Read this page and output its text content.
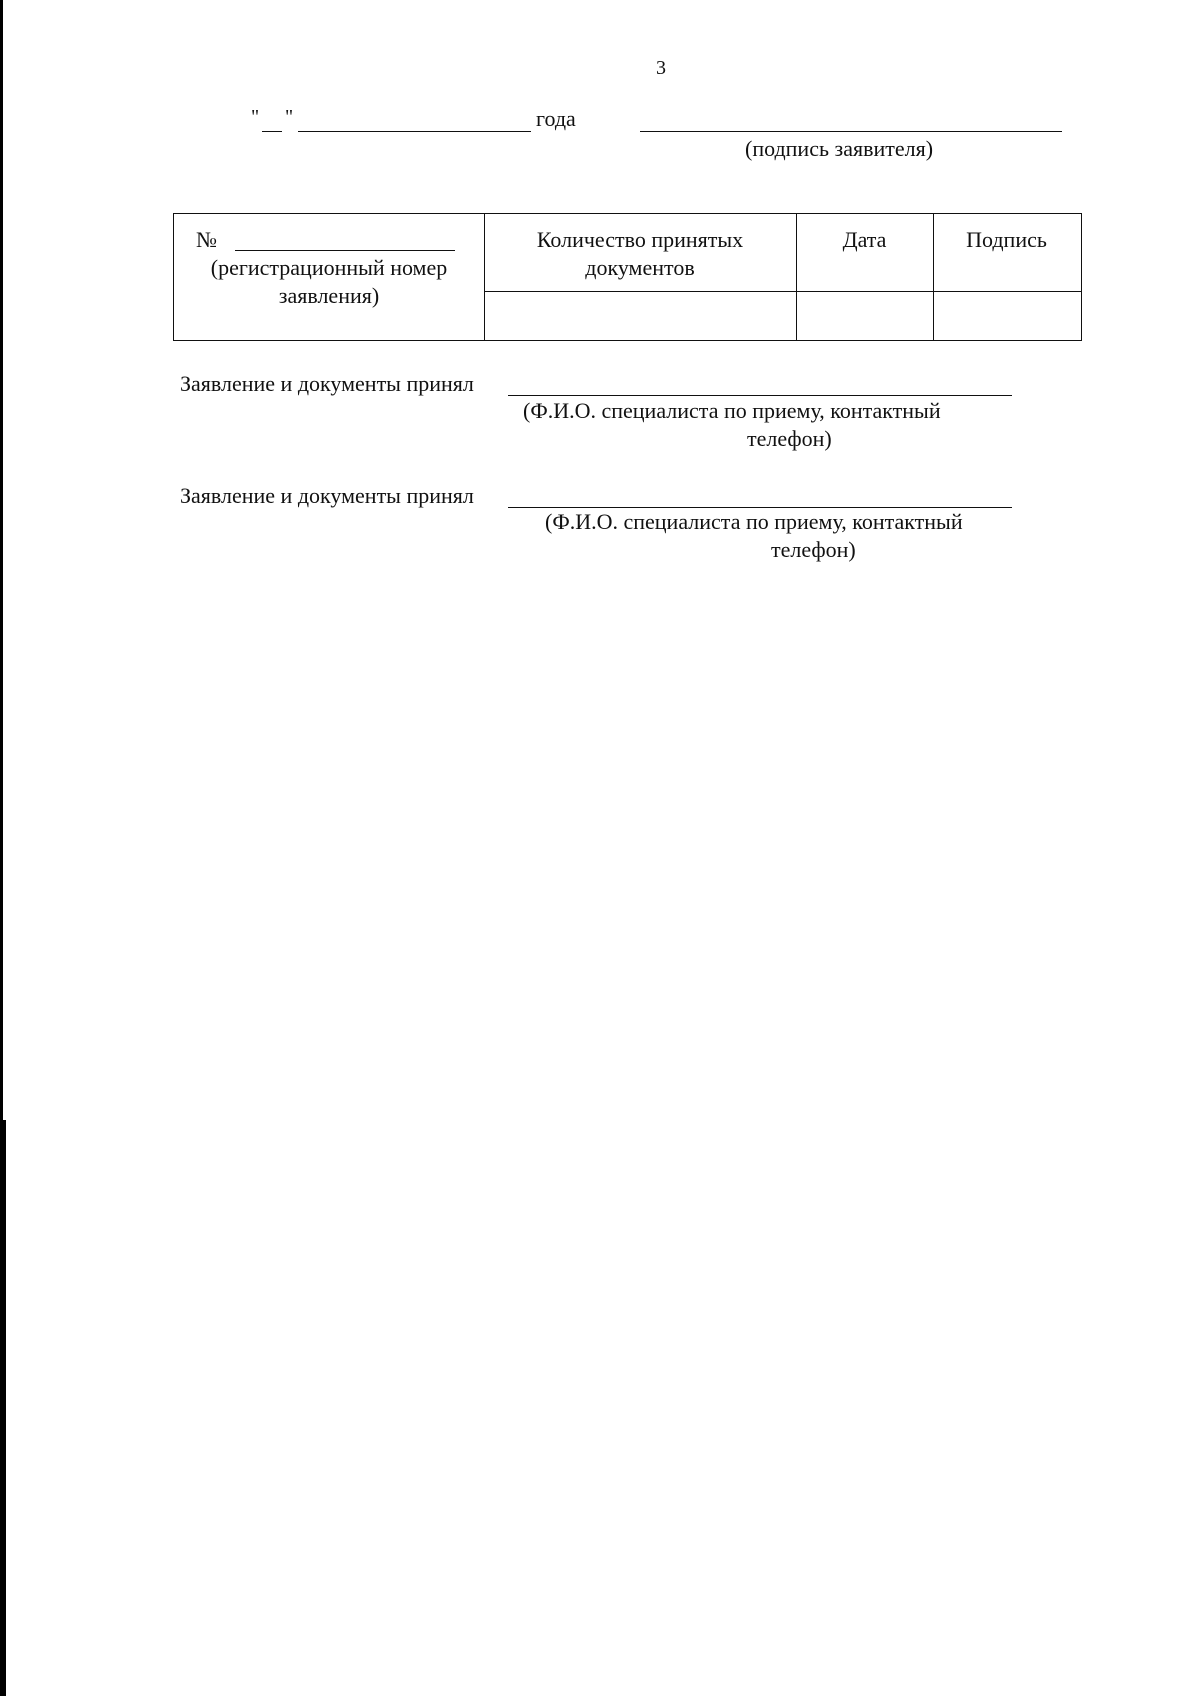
3
" "	года
(подпись заявителя)
№
(регистрационный номер
заявления)
Количество принятых
документов
Дата	Подпись
Заявление и документы принял
(Ф.И.О. специалиста по приему, контактный
телефон)
Заявление и документы принял
(Ф.И.О. специалиста по приему, контактный
телефон)
